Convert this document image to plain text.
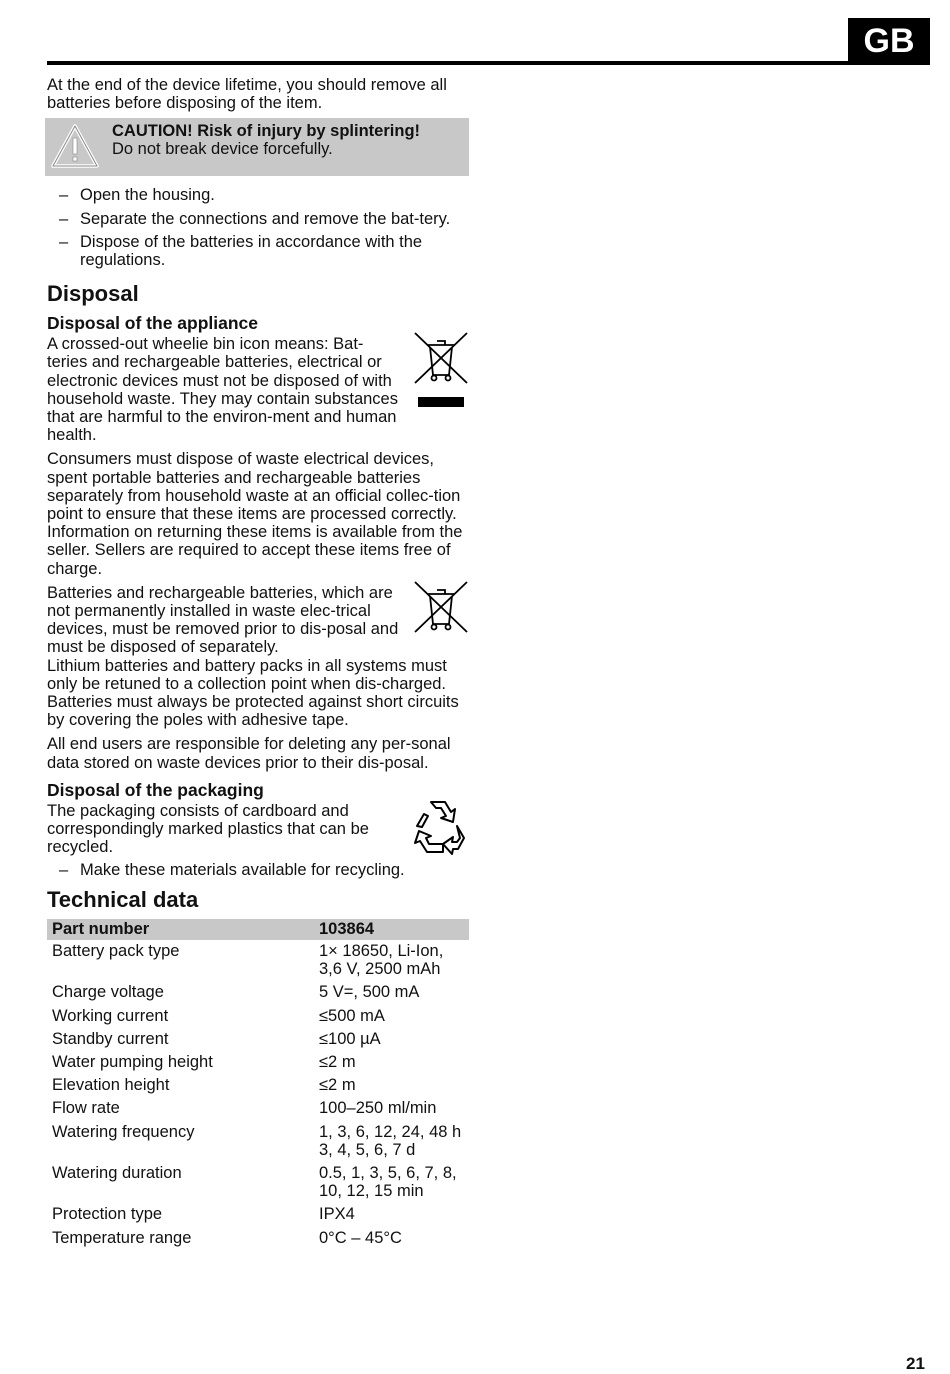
GB

At the end of the device lifetime, you should remove all batteries before disposing of the item.

CAUTION! Risk of injury by splintering!
Do not break device forcefully.
– Open the housing.
– Separate the connections and remove the bat-tery.
– Dispose of the batteries in accordance with the regulations.
Disposal
Disposal of the appliance

A crossed-out wheelie bin icon means: Bat-teries and rechargeable batteries, electrical or electronic devices must not be disposed of with household waste. They may contain substances that are harmful to the environ-ment and human health.

Consumers must dispose of waste electrical devices, spent portable batteries and rechargeable batteries separately from household waste at an official collec-tion point to ensure that these items are processed correctly. Information on returning these items is available from the seller. Sellers are required to accept these items free of charge.

Batteries and rechargeable batteries, which are not permanently installed in waste elec-trical devices, must be removed prior to dis-posal and must be disposed of separately.

Lithium batteries and battery packs in all systems must only be retuned to a collection point when dis-charged. Batteries must always be protected against short circuits by covering the poles with adhesive tape.

All end users are responsible for deleting any per-sonal data stored on waste devices prior to their dis-posal.

Disposal of the packaging

The packaging consists of cardboard and correspondingly marked plastics that can be recycled.

– Make these materials available for recycling.
Technical data
Part number	103864
Battery pack type	1× 18650, Li-Ion, 3,6 V, 2500 mAh
Charge voltage	5 V=, 500 mA
Working current	≤500 mA
Standby current	≤100 µA
Water pumping height	≤2 m
Elevation height	≤2 m
Flow rate	100–250 ml/min
Watering frequency	1, 3, 6, 12, 24, 48 h 3, 4, 5, 6, 7 d
Watering duration	0.5, 1, 3, 5, 6, 7, 8, 10, 12, 15 min
Protection type	IPX4
Temperature range	0°C – 45°C
21
